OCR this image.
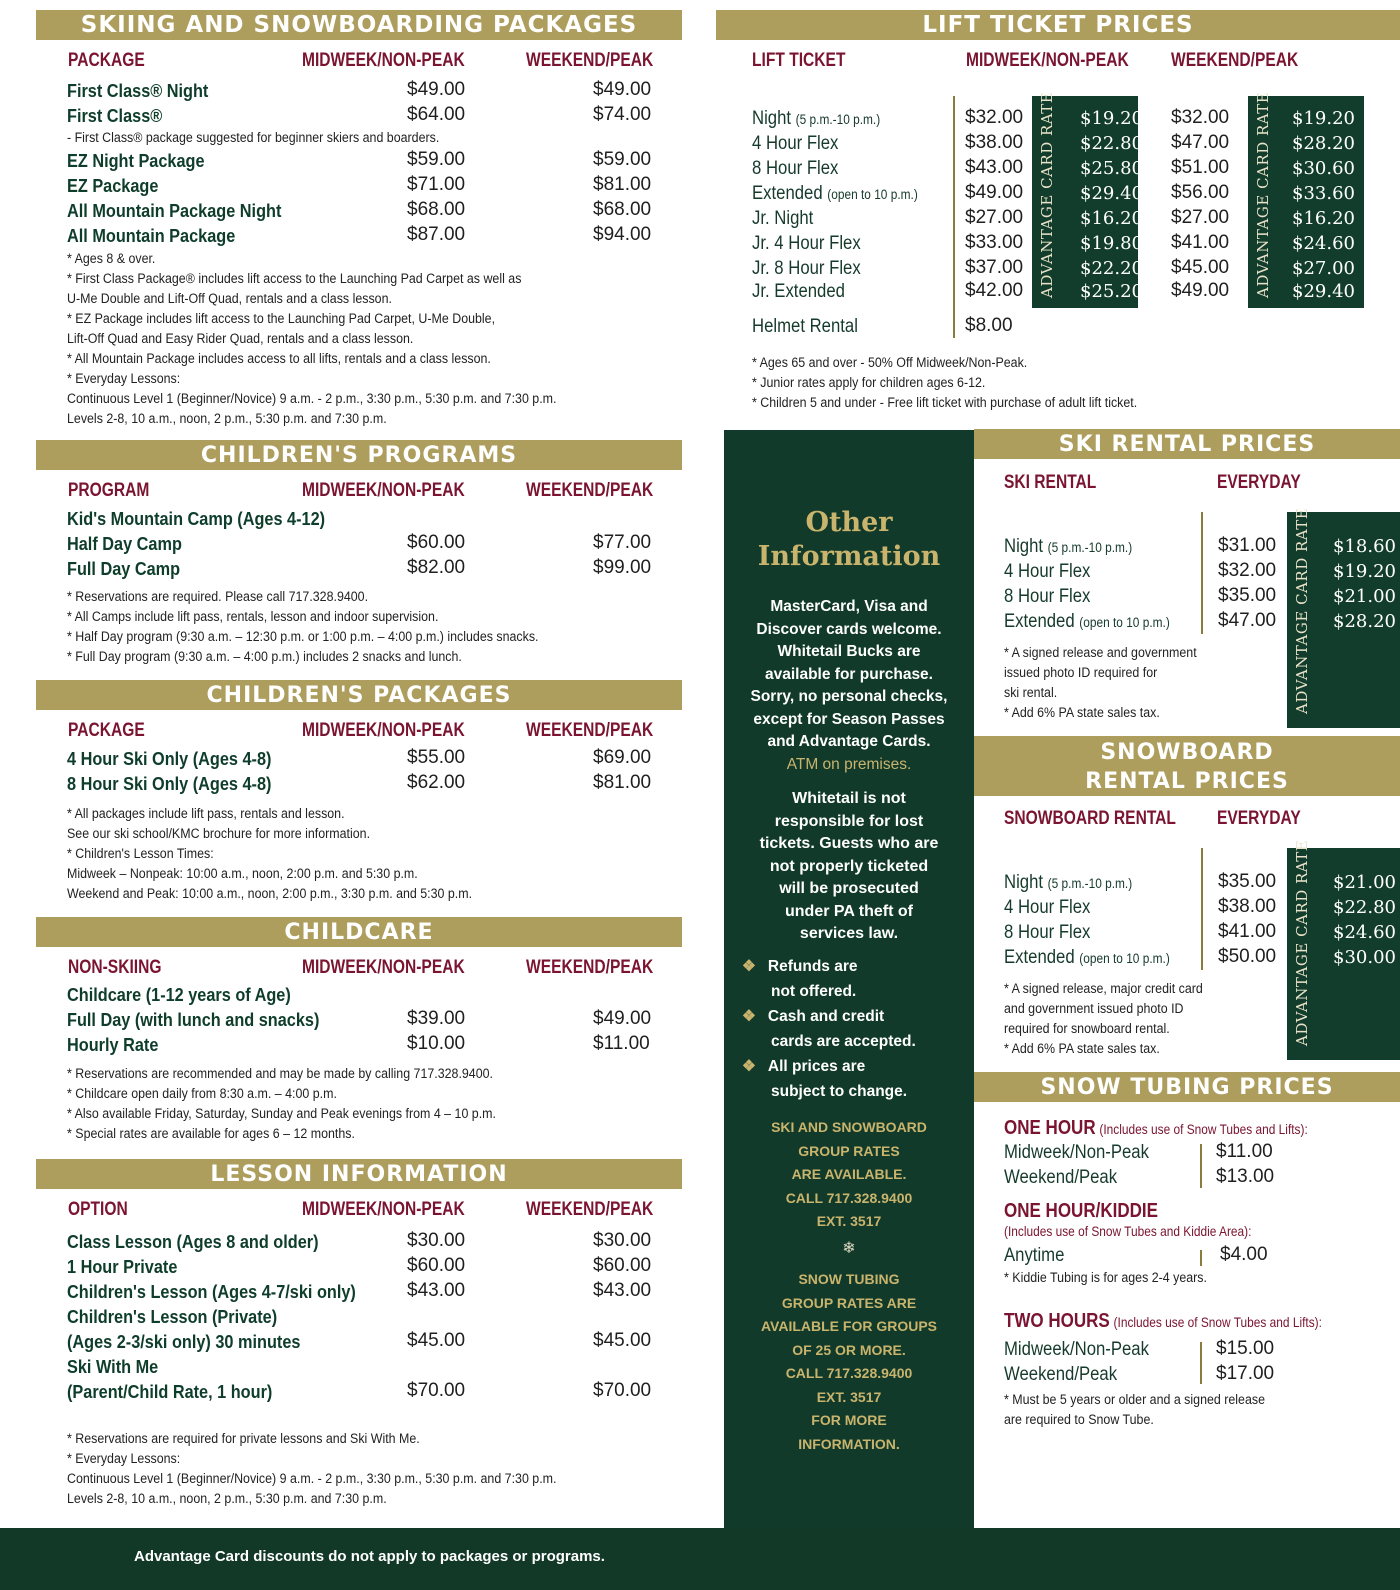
SKIING AND SNOWBOARDING PACKAGES
PACKAGE	MIDWEEK/NON-PEAK	WEEKEND/PEAK
First Class® Night	$49.00	$49.00
First Class®	$64.00	$74.00
- First Class® package suggested for beginner skiers and boarders.
EZ Night Package	$59.00	$59.00
EZ Package	$71.00	$81.00
All Mountain Package Night	$68.00	$68.00
All Mountain Package	$87.00	$94.00
* Ages 8 & over.
* First Class Package® includes lift access to the Launching Pad Carpet as well as
U-Me Double and Lift-Off Quad, rentals and a class lesson.
* EZ Package includes lift access to the Launching Pad Carpet, U-Me Double,
Lift-Off Quad and Easy Rider Quad, rentals and a class lesson.
* All Mountain Package includes access to all lifts, rentals and a class lesson.
* Everyday Lessons:
Continuous Level 1 (Beginner/Novice) 9 a.m. - 2 p.m., 3:30 p.m., 5:30 p.m. and 7:30 p.m.
Levels 2-8, 10 a.m., noon, 2 p.m., 5:30 p.m. and 7:30 p.m.
CHILDREN'S PROGRAMS
PROGRAM	MIDWEEK/NON-PEAK	WEEKEND/PEAK
Kid's Mountain Camp (Ages 4-12)
Half Day Camp	$60.00	$77.00
Full Day Camp	$82.00	$99.00
* Reservations are required. Please call 717.328.9400.
* All Camps include lift pass, rentals, lesson and indoor supervision.
* Half Day program (9:30 a.m. – 12:30 p.m. or 1:00 p.m. – 4:00 p.m.) includes snacks.
* Full Day program (9:30 a.m. – 4:00 p.m.) includes 2 snacks and lunch.
CHILDREN'S PACKAGES
PACKAGE	MIDWEEK/NON-PEAK	WEEKEND/PEAK
4 Hour Ski Only (Ages 4-8)	$55.00	$69.00
8 Hour Ski Only (Ages 4-8)	$62.00	$81.00
* All packages include lift pass, rentals and lesson.
See our ski school/KMC brochure for more information.
* Children's Lesson Times:
Midweek – Nonpeak: 10:00 a.m., noon, 2:00 p.m. and 5:30 p.m.
Weekend and Peak: 10:00 a.m., noon, 2:00 p.m., 3:30 p.m. and 5:30 p.m.
CHILDCARE
NON-SKIING	MIDWEEK/NON-PEAK	WEEKEND/PEAK
Childcare (1-12 years of Age)
Full Day (with lunch and snacks)	$39.00	$49.00
Hourly Rate	$10.00	$11.00
* Reservations are recommended and may be made by calling 717.328.9400.
* Childcare open daily from 8:30 a.m. – 4:00 p.m.
* Also available Friday, Saturday, Sunday and Peak evenings from 4 – 10 p.m.
* Special rates are available for ages 6 – 12 months.
LESSON INFORMATION
OPTION	MIDWEEK/NON-PEAK	WEEKEND/PEAK
Class Lesson (Ages 8 and older)	$30.00	$30.00
1 Hour Private	$60.00	$60.00
Children's Lesson (Ages 4-7/ski only)	$43.00	$43.00
Children's Lesson (Private)
(Ages 2-3/ski only) 30 minutes	$45.00	$45.00
Ski With Me
(Parent/Child Rate, 1 hour)	$70.00	$70.00
* Reservations are required for private lessons and Ski With Me.
* Everyday Lessons:
Continuous Level 1 (Beginner/Novice) 9 a.m. - 2 p.m., 3:30 p.m., 5:30 p.m. and 7:30 p.m.
Levels 2-8, 10 a.m., noon, 2 p.m., 5:30 p.m. and 7:30 p.m.
LIFT TICKET PRICES
LIFT TICKET	MIDWEEK/NON-PEAK WEEKEND/PEAK
ADVANTAGE CARD RATE	ADVANTAGE CARD RATE
Night (5 p.m.-10 p.m.)	$32.00	$19.20 $32.00	$19.20
4 Hour Flex	$38.00	$22.80 $47.00	$28.20
8 Hour Flex	$43.00	$25.80 $51.00	$30.60
Extended (open to 10 p.m.) $49.00	$29.40 $56.00	$33.60
Jr. Night	$27.00	$16.20 $27.00	$16.20
Jr. 4 Hour Flex	$33.00	$19.80 $41.00	$24.60
Jr. 8 Hour Flex	$37.00	$22.20 $45.00	$27.00
Jr. Extended	$42.00	$25.20 $49.00	$29.40
Helmet Rental	$8.00
* Ages 65 and over - 50% Off Midweek/Non-Peak.
* Junior rates apply for children ages 6-12.
* Children 5 and under - Free lift ticket with purchase of adult lift ticket.
Other
Information
MasterCard, Visa and
Discover cards welcome.
Whitetail Bucks are
available for purchase.
Sorry, no personal checks,
except for Season Passes
and Advantage Cards.
ATM on premises.
Whitetail is not
responsible for lost
tickets. Guests who are
not properly ticketed
will be prosecuted
under PA theft of
services law.
❖ Refunds are
not offered.
❖ Cash and credit
cards are accepted.
❖ All prices are
subject to change.
SKI AND SNOWBOARD
GROUP RATES
ARE AVAILABLE.
CALL 717.328.9400
EXT. 3517
❄
SNOW TUBING
GROUP RATES ARE
AVAILABLE FOR GROUPS
OF 25 OR MORE.
CALL 717.328.9400
EXT. 3517
FOR MORE
INFORMATION.
SKI RENTAL PRICES
SKI RENTAL	EVERYDAY
ADVANTAGE CARD RATE
Night (5 p.m.-10 p.m.)	$31.00	$18.60
4 Hour Flex	$32.00	$19.20
8 Hour Flex	$35.00	$21.00
Extended (open to 10 p.m.)	$47.00	$28.20
* A signed release and government
issued photo ID required for
ski rental.
* Add 6% PA state sales tax.
SNOWBOARD
RENTAL PRICES
SNOWBOARD RENTAL EVERYDAY
ADVANTAGE CARD RATE
Night (5 p.m.-10 p.m.)	$35.00	$21.00
4 Hour Flex	$38.00	$22.80
8 Hour Flex	$41.00	$24.60
Extended (open to 10 p.m.)	$50.00	$30.00
* A signed release, major credit card
and government issued photo ID
required for snowboard rental.
* Add 6% PA state sales tax.
SNOW TUBING PRICES
ONE HOUR (Includes use of Snow Tubes and Lifts):
Midweek/Non-Peak	$11.00
Weekend/Peak	$13.00
ONE HOUR/KIDDIE
(Includes use of Snow Tubes and Kiddie Area):
Anytime	$4.00
* Kiddie Tubing is for ages 2-4 years.
TWO HOURS (Includes use of Snow Tubes and Lifts):
Midweek/Non-Peak	$15.00
Weekend/Peak	$17.00
* Must be 5 years or older and a signed release
are required to Snow Tube.
Advantage Card discounts do not apply to packages or programs.
